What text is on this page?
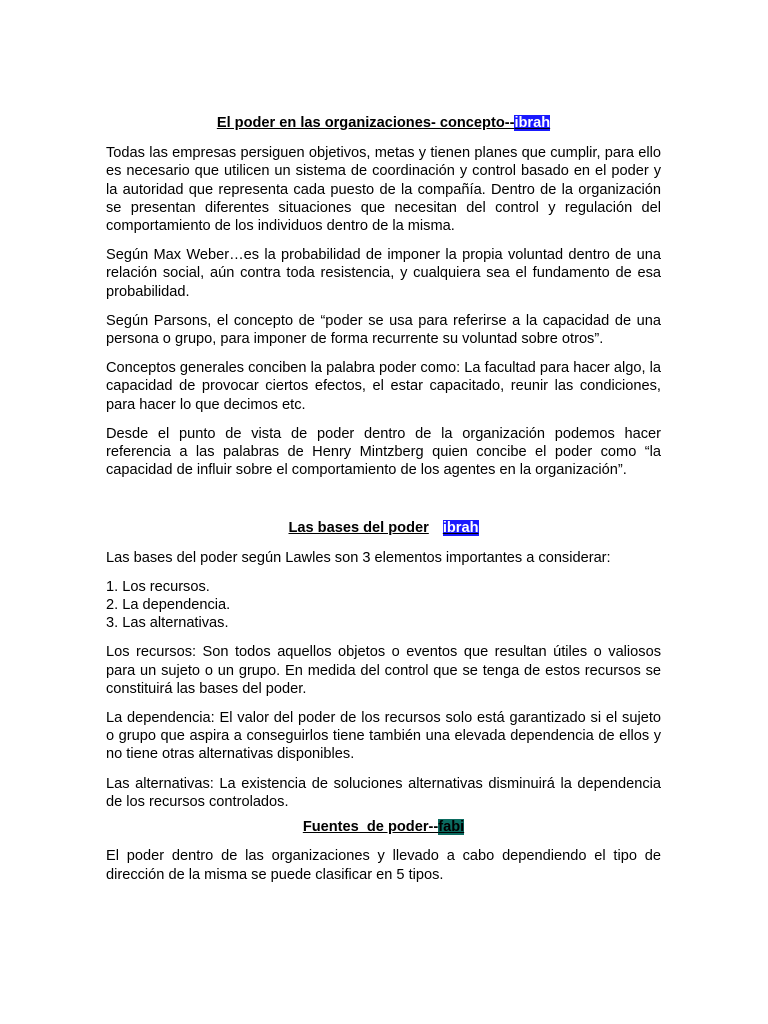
El poder en las organizaciones- concepto--ibrah

Todas las empresas persiguen objetivos, metas y tienen planes que cumplir, para ello es necesario que utilicen un sistema de coordinación y control basado en el poder y la autoridad que representa cada puesto de la compañía. Dentro de la organización se presentan diferentes situaciones que necesitan del control y regulación del comportamiento de los individuos dentro de la misma.

Según Max Weber…es la probabilidad de imponer la propia voluntad dentro de una relación social, aún contra toda resistencia, y cualquiera sea el fundamento de esa probabilidad.

Según Parsons, el concepto de “poder se usa para referirse a la capacidad de una persona o grupo, para imponer de forma recurrente su voluntad sobre otros”.

Conceptos generales conciben la palabra poder como: La facultad para hacer algo, la capacidad de provocar ciertos efectos, el estar capacitado, reunir las condiciones, para hacer lo que decimos etc.

Desde el punto de vista de poder dentro de la organización podemos hacer referencia a las palabras de Henry Mintzberg quien concibe el poder como “la capacidad de influir sobre el comportamiento de los agentes en la organización”.

Las bases del poder ibrah

Las bases del poder según Lawles son 3 elementos importantes a considerar:

1. Los recursos.
2. La dependencia.
3. Las alternativas.

Los recursos: Son todos aquellos objetos o eventos que resultan útiles o valiosos para un sujeto o un grupo. En medida del control que se tenga de estos recursos se constituirá las bases del poder.

La dependencia: El valor del poder de los recursos solo está garantizado si el sujeto o grupo que aspira a conseguirlos tiene también una elevada dependencia de ellos y no tiene otras alternativas disponibles.

Las alternativas: La existencia de soluciones alternativas disminuirá la dependencia de los recursos controlados.

Fuentes  de poder--fabi

El poder dentro de las organizaciones y llevado a cabo dependiendo el tipo de dirección de la misma se puede clasificar en 5 tipos.
